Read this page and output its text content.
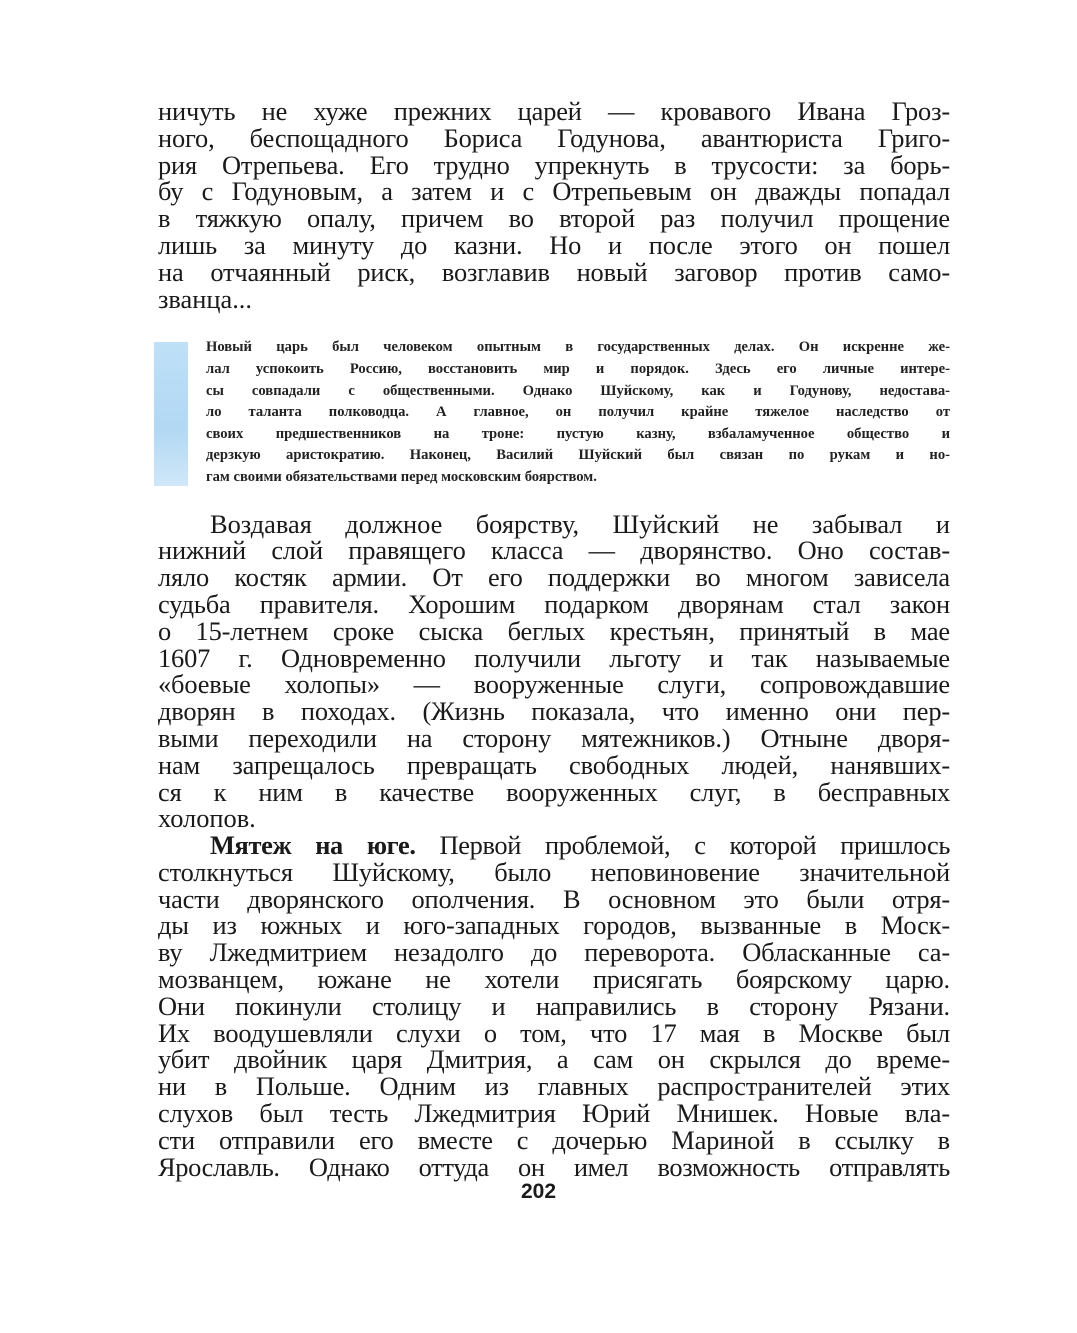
ничуть не хуже прежних царей — кровавого Ивана Гроз-
ного, беспощадного Бориса Годунова, авантюриста Григо-
рия Отрепьева. Его трудно упрекнуть в трусости: за борь-
бу с Годуновым, а затем и с Отрепьевым он дважды попадал
в тяжкую опалу, причем во второй раз получил прощение
лишь за минуту до казни. Но и после этого он пошел
на отчаянный риск, возглавив новый заговор против само-
званца...

Новый царь был человеком опытным в государственных делах. Он искренне же-
лал успокоить Россию, восстановить мир и порядок. Здесь его личные интере-
сы совпадали с общественными. Однако Шуйскому, как и Годунову, недостава-
ло таланта полководца. А главное, он получил крайне тяжелое наследство от
своих предшественников на троне: пустую казну, взбаламученное общество и
дерзкую аристократию. Наконец, Василий Шуйский был связан по рукам и но-
гам своими обязательствами перед московским боярством.

Воздавая должное боярству, Шуйский не забывал и
нижний слой правящего класса — дворянство. Оно состав-
ляло костяк армии. От его поддержки во многом зависела
судьба правителя. Хорошим подарком дворянам стал закон
о 15-летнем сроке сыска беглых крестьян, принятый в мае
1607 г. Одновременно получили льготу и так называемые
«боевые холопы» — вооруженные слуги, сопровождавшие
дворян в походах. (Жизнь показала, что именно они пер-
выми переходили на сторону мятежников.) Отныне дворя-
нам запрещалось превращать свободных людей, нанявших-
ся к ним в качестве вооруженных слуг, в бесправных
холопов.

Мятеж на юге. Первой проблемой, с которой пришлось
столкнуться Шуйскому, было неповиновение значительной
части дворянского ополчения. В основном это были отря-
ды из южных и юго-западных городов, вызванные в Моск-
ву Лжедмитрием незадолго до переворота. Обласканные са-
мозванцем, южане не хотели присягать боярскому царю.
Они покинули столицу и направились в сторону Рязани.
Их воодушевляли слухи о том, что 17 мая в Москве был
убит двойник царя Дмитрия, а сам он скрылся до време-
ни в Польше. Одним из главных распространителей этих
слухов был тесть Лжедмитрия Юрий Мнишек. Новые вла-
сти отправили его вместе с дочерью Мариной в ссылку в
Ярославль. Однако оттуда он имел возможность отправлять

202
